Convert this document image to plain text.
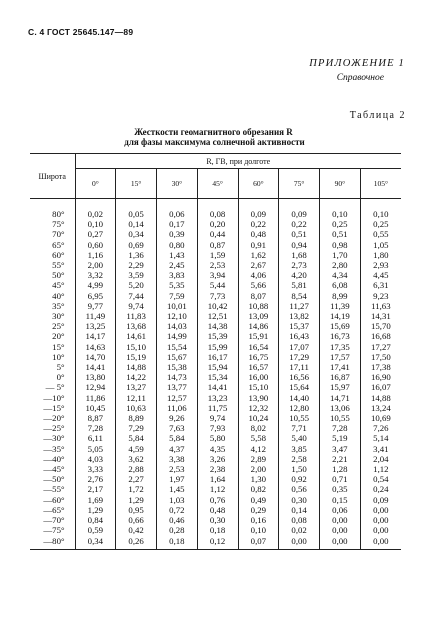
С. 4 ГОСТ 25645.147—89
ПРИЛОЖЕНИЕ 1
Справочное
Таблица 2
Жесткости геомагнитного обрезания R
для фазы максимума солнечной активности
Широта	R, ГВ, при долготе							
	0°	15°	30°	45°	60°	75°	90°	105°
80°	0,02	0,05	0,06	0,08	0,09	0,09	0,10	0,10
75°	0,10	0,14	0,17	0,20	0,22	0,22	0,25	0,25
70°	0,27	0,34	0,39	0,44	0,48	0,51	0,51	0,55
65°	0,60	0,69	0,80	0,87	0,91	0,94	0,98	1,05
60°	1,16	1,36	1,43	1,59	1,62	1,68	1,70	1,80
55°	2,00	2,29	2,45	2,53	2,67	2,73	2,80	2,93
50°	3,32	3,59	3,83	3,94	4,06	4,20	4,34	4,45
45°	4,99	5,20	5,35	5,44	5,66	5,81	6,08	6,31
40°	6,95	7,44	7,59	7,73	8,07	8,54	8,99	9,23
35°	9,77	9,74	10,01	10,42	10,88	11,27	11,39	11,63
30°	11,49	11,83	12,10	12,51	13,09	13,82	14,19	14,31
25°	13,25	13,68	14,03	14,38	14,86	15,37	15,69	15,70
20°	14,17	14,61	14,99	15,39	15,91	16,43	16,73	16,68
15°	14,63	15,10	15,54	15,99	16,54	17,07	17,35	17,27
10°	14,70	15,19	15,67	16,17	16,75	17,29	17,57	17,50
5°	14,41	14,88	15,38	15,94	16,57	17,11	17,41	17,38
0°	13,80	14,22	14,73	15,34	16,00	16,56	16,87	16,90
— 5°	12,94	13,27	13,77	14,41	15,10	15,64	15,97	16,07
—10°	11,86	12,11	12,57	13,23	13,90	14,40	14,71	14,88
—15°	10,45	10,63	11,06	11,75	12,32	12,80	13,06	13,24
—20°	8,87	8,89	9,26	9,74	10,24	10,55	10,55	10,69
—25°	7,28	7,29	7,63	7,93	8,02	7,71	7,28	7,26
—30°	6,11	5,84	5,84	5,80	5,58	5,40	5,19	5,14
—35°	5,05	4,59	4,37	4,35	4,12	3,85	3,47	3,41
—40°	4,03	3,62	3,38	3,26	2,89	2,58	2,21	2,04
—45°	3,33	2,88	2,53	2,38	2,00	1,50	1,28	1,12
—50°	2,76	2,27	1,97	1,64	1,30	0,92	0,71	0,54
—55°	2,17	1,72	1,45	1,12	0,82	0,56	0,35	0,24
—60°	1,69	1,29	1,03	0,76	0,49	0,30	0,15	0,09
—65°	1,29	0,95	0,72	0,48	0,29	0,14	0,06	0,00
—70°	0,84	0,66	0,46	0,30	0,16	0,08	0,00	0,00
—75°	0,59	0,42	0,28	0,18	0,10	0,02	0,00	0,00
—80°	0,34	0,26	0,18	0,12	0,07	0,00	0,00	0,00
